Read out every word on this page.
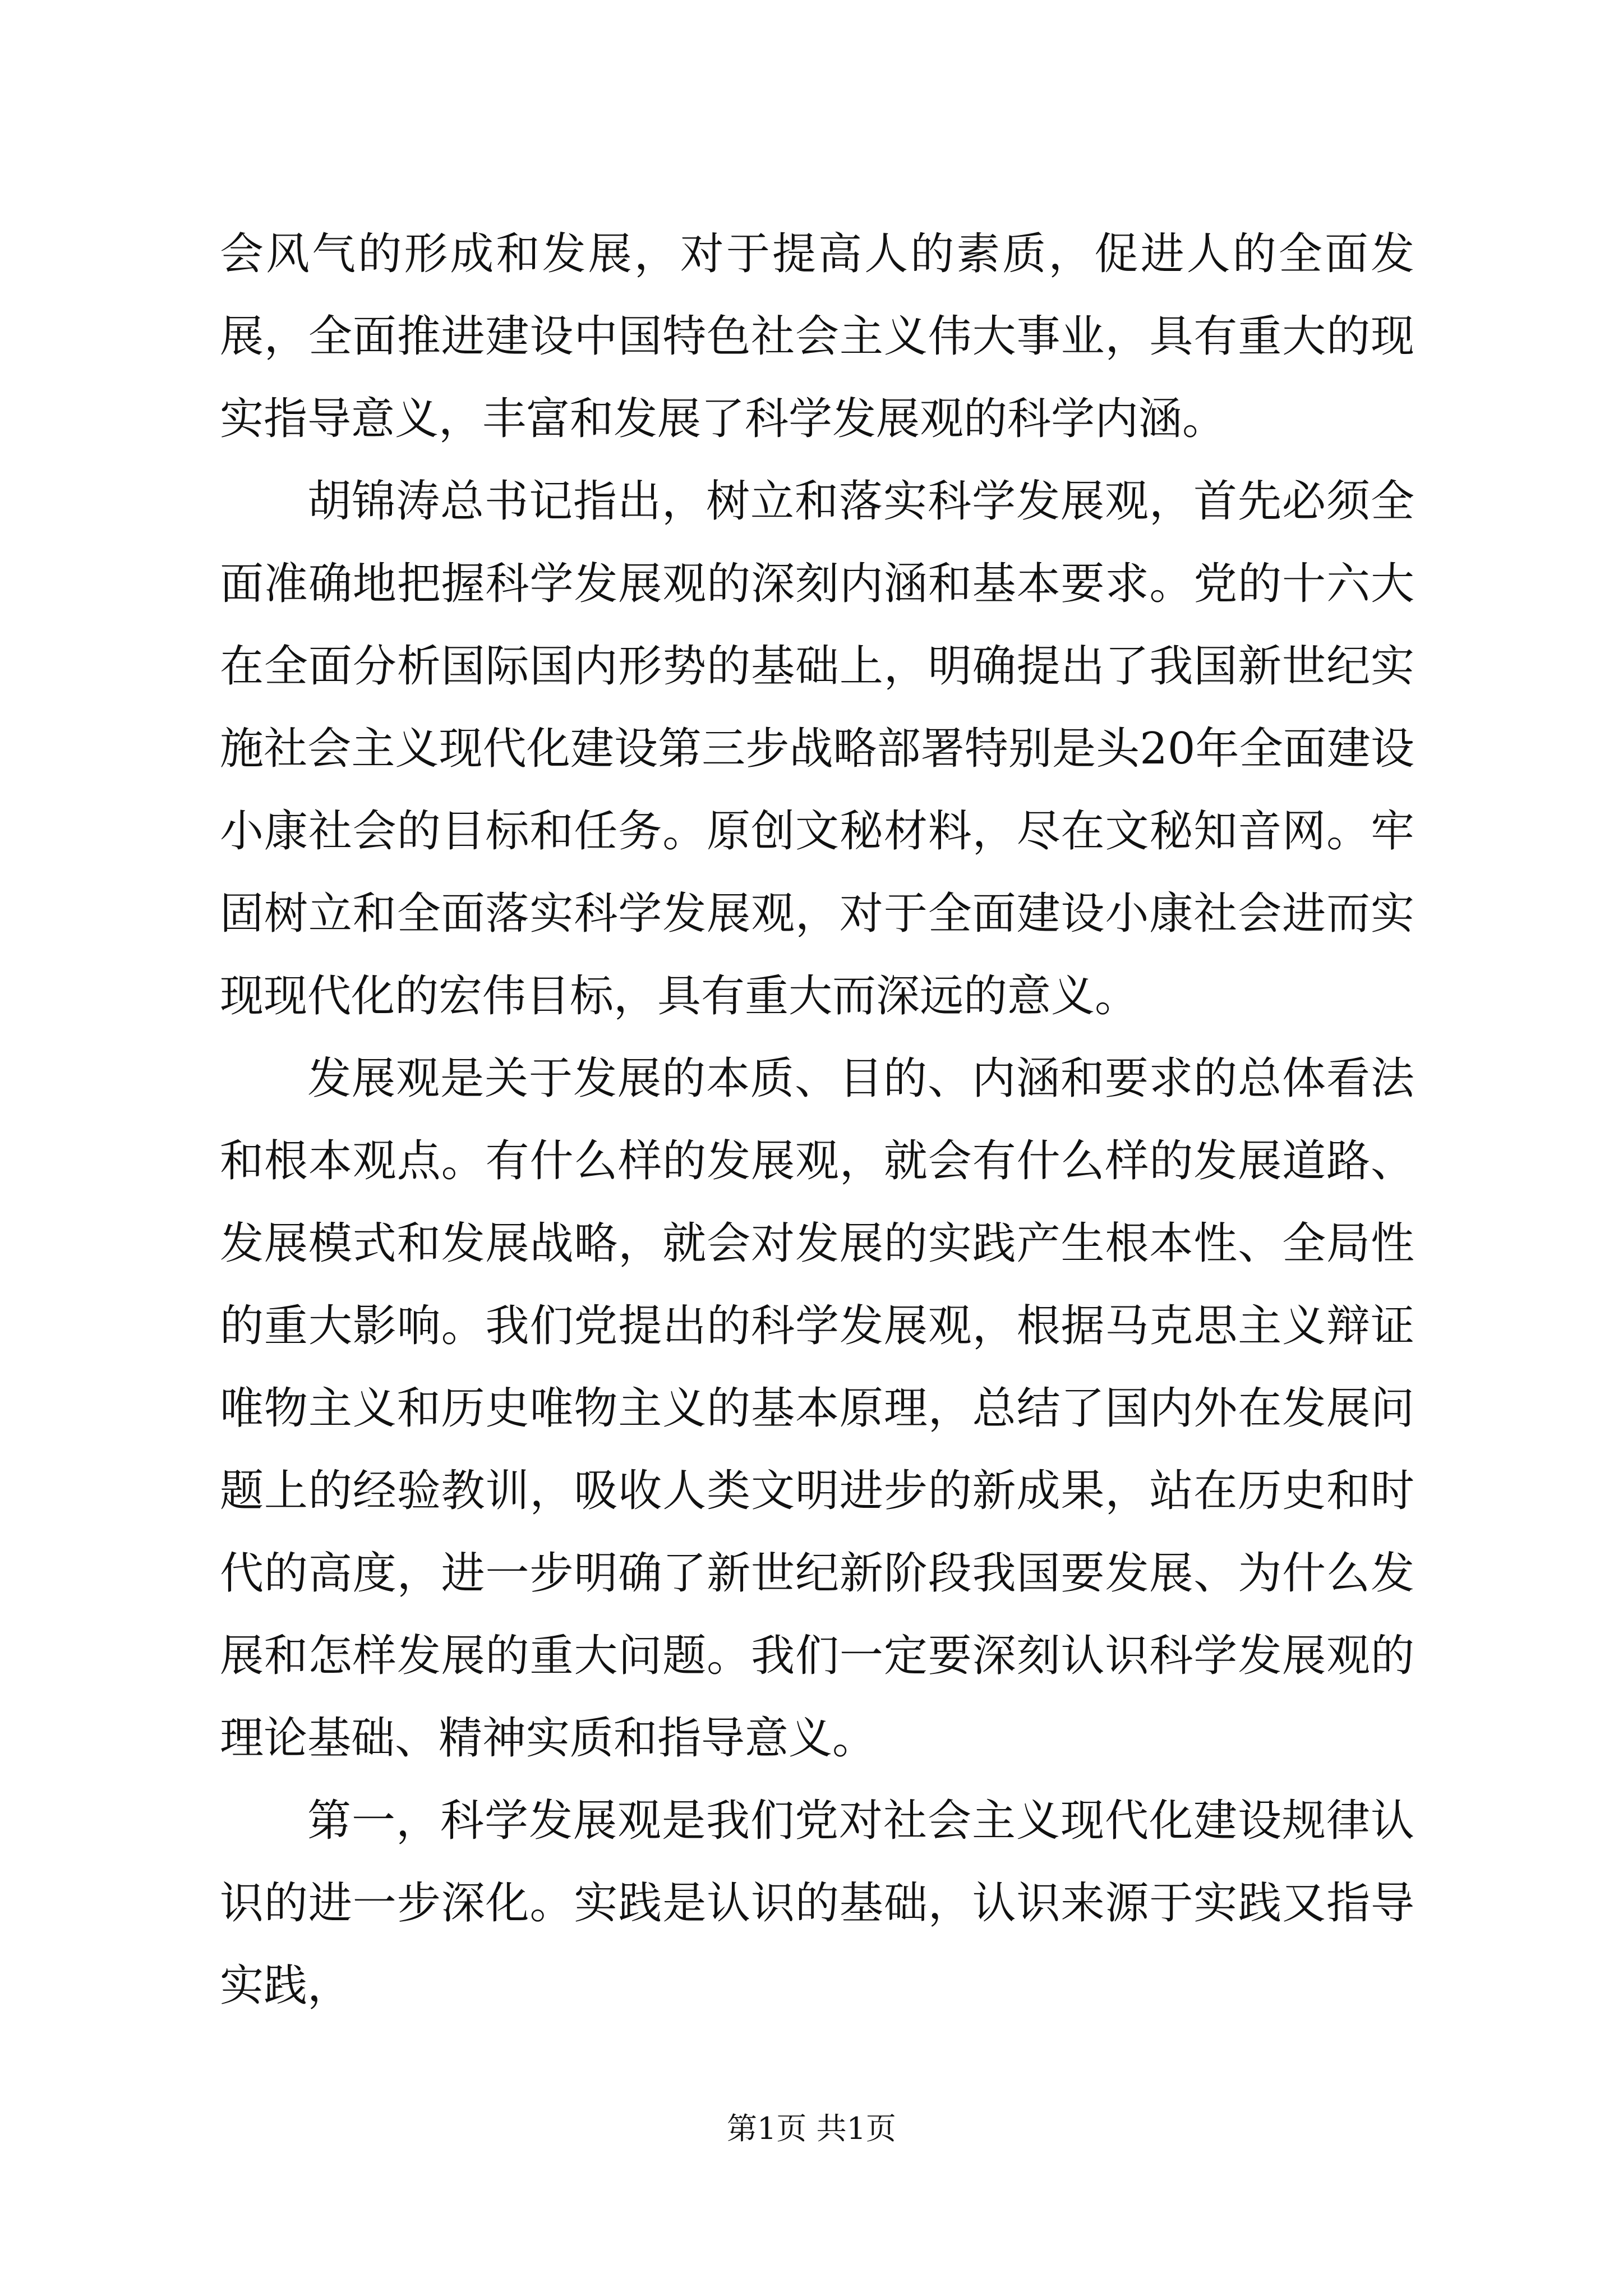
会风气的形成和发展，对于提高人的素质，促进人的全面发展，全面推进建设中国特色社会主义伟大事业，具有重大的现实指导意义，丰富和发展了科学发展观的科学内涵。

胡锦涛总书记指出，树立和落实科学发展观，首先必须全面准确地把握科学发展观的深刻内涵和基本要求。党的十六大在全面分析国际国内形势的基础上，明确提出了我国新世纪实施社会主义现代化建设第三步战略部署特别是头20年全面建设小康社会的目标和任务。原创文秘材料，尽在文秘知音网。牢固树立和全面落实科学发展观，对于全面建设小康社会进而实现现代化的宏伟目标，具有重大而深远的意义。

发展观是关于发展的本质、目的、内涵和要求的总体看法和根本观点。有什么样的发展观，就会有什么样的发展道路、发展模式和发展战略，就会对发展的实践产生根本性、全局性的重大影响。我们党提出的科学发展观，根据马克思主义辩证唯物主义和历史唯物主义的基本原理，总结了国内外在发展问题上的经验教训，吸收人类文明进步的新成果，站在历史和时代的高度，进一步明确了新世纪新阶段我国要发展、为什么发展和怎样发展的重大问题。我们一定要深刻认识科学发展观的理论基础、精神实质和指导意义。

第一，科学发展观是我们党对社会主义现代化建设规律认识的进一步深化。实践是认识的基础，认识来源于实践又指导实践，

第1页 共1页
